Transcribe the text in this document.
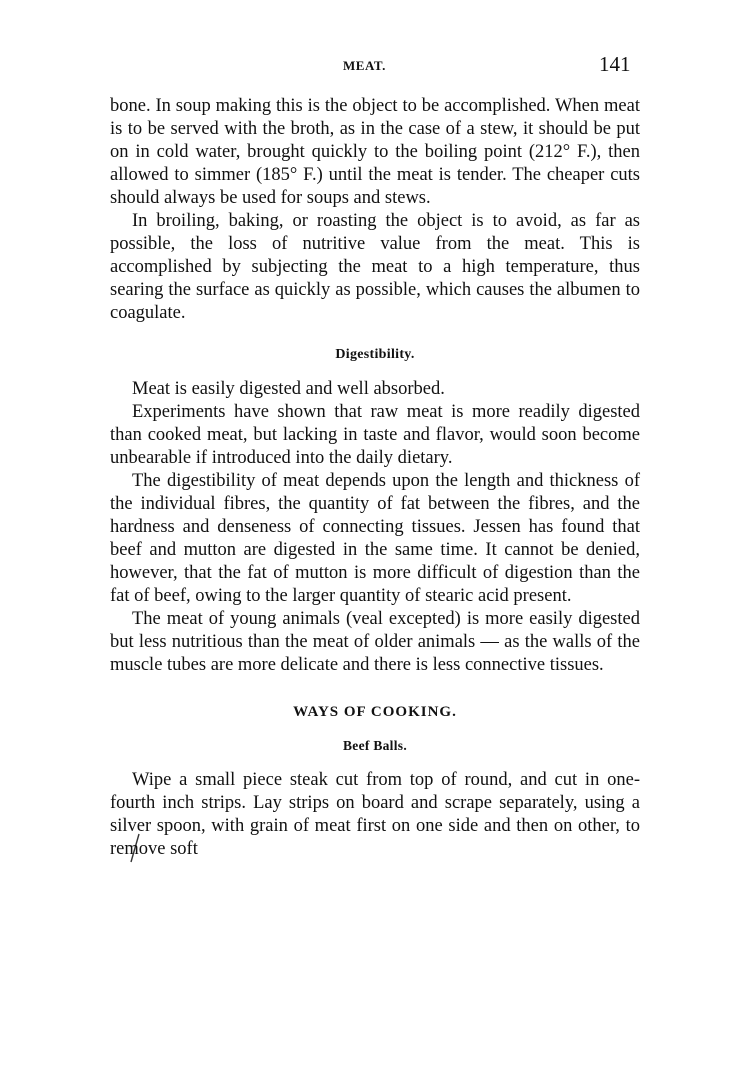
MEAT.	141

bone. In soup making this is the object to be accomplished. When meat is to be served with the broth, as in the case of a stew, it should be put on in cold water, brought quickly to the boiling point (212° F.), then allowed to simmer (185° F.) until the meat is tender. The cheaper cuts should always be used for soups and stews.

In broiling, baking, or roasting the object is to avoid, as far as possible, the loss of nutritive value from the meat. This is accomplished by subjecting the meat to a high temperature, thus searing the surface as quickly as possible, which causes the albumen to coagulate.

Digestibility.

Meat is easily digested and well absorbed.

Experiments have shown that raw meat is more readily digested than cooked meat, but lacking in taste and flavor, would soon become unbearable if introduced into the daily dietary.

The digestibility of meat depends upon the length and thickness of the individual fibres, the quantity of fat between the fibres, and the hardness and denseness of connecting tissues. Jessen has found that beef and mutton are digested in the same time. It cannot be denied, however, that the fat of mutton is more difficult of digestion than the fat of beef, owing to the larger quantity of stearic acid present.

The meat of young animals (veal excepted) is more easily digested but less nutritious than the meat of older animals — as the walls of the muscle tubes are more delicate and there is less connective tissues.

WAYS OF COOKING.
Beef Balls.

Wipe a small piece steak cut from top of round, and cut in one-fourth inch strips. Lay strips on board and scrape separately, using a silver spoon, with grain of meat first on one side and then on other, to remove soft
